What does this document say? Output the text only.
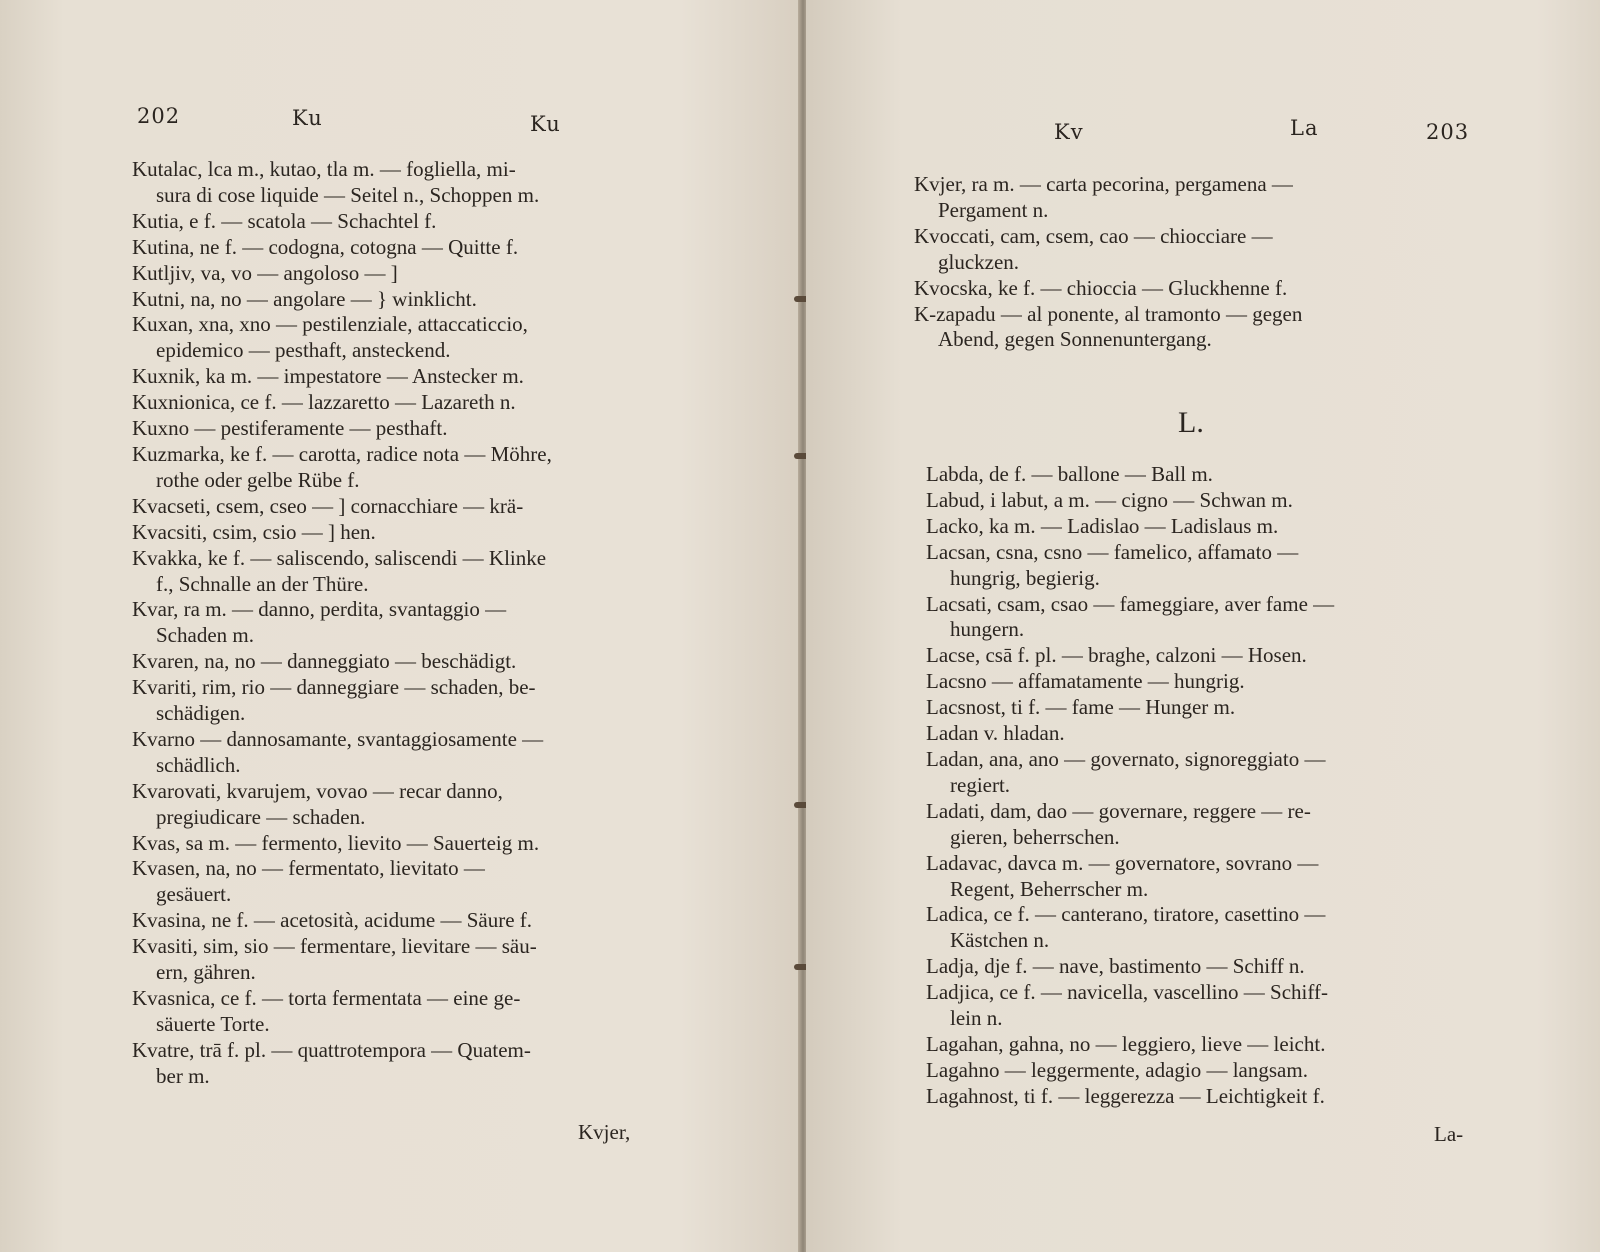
202	Ku	Ku
Kutalac, lca m., kutao, tla m. — fogliella, mi-
sura di cose liquide — Seitel n., Schoppen m.
Kutia, e f. — scatola — Schachtel f.
Kutina, ne f. — codogna, cotogna — Quitte f.
Kutljiv, va, vo — angoloso — ]
Kutni, na, no — angolare — } winklicht.
Kuxan, xna, xno — pestilenziale, attaccaticcio,
epidemico — pesthaft, ansteckend.
Kuxnik, ka m. — impestatore — Anstecker m.
Kuxnionica, ce f. — lazzaretto — Lazareth n.
Kuxno — pestiferamente — pesthaft.
Kuzmarka, ke f. — carotta, radice nota — Möhre,
rothe oder gelbe Rübe f.
Kvacseti, csem, cseo — ] cornacchiare — krä-
Kvacsiti, csim, csio — ] hen.
Kvakka, ke f. — saliscendo, saliscendi — Klinke
f., Schnalle an der Thüre.
Kvar, ra m. — danno, perdita, svantaggio —
Schaden m.
Kvaren, na, no — danneggiato — beschädigt.
Kvariti, rim, rio — danneggiare — schaden, be-
schädigen.
Kvarno — dannosamante, svantaggiosamente —
schädlich.
Kvarovati, kvarujem, vovao — recar danno,
pregiudicare — schaden.
Kvas, sa m. — fermento, lievito — Sauerteig m.
Kvasen, na, no — fermentato, lievitato —
gesäuert.
Kvasina, ne f. — acetosità, acidume — Säure f.
Kvasiti, sim, sio — fermentare, lievitare — säu-
ern, gähren.
Kvasnica, ce f. — torta fermentata — eine ge-
säuerte Torte.
Kvatre, trā f. pl. — quattrotempora — Quatem-
ber m.
Kvjer,
Kv	La	203
Kvjer, ra m. — carta pecorina, pergamena —
Pergament n.
Kvoccati, cam, csem, cao — chiocciare —
gluckzen.
Kvocska, ke f. — chioccia — Gluckhenne f.
K-zapadu — al ponente, al tramonto — gegen
Abend, gegen Sonnenuntergang.
L.
Labda, de f. — ballone — Ball m.
Labud, i labut, a m. — cigno — Schwan m.
Lacko, ka m. — Ladislao — Ladislaus m.
Lacsan, csna, csno — famelico, affamato —
hungrig, begierig.
Lacsati, csam, csao — fameggiare, aver fame —
hungern.
Lacse, csā f. pl. — braghe, calzoni — Hosen.
Lacsno — affamatamente — hungrig.
Lacsnost, ti f. — fame — Hunger m.
Ladan v. hladan.
Ladan, ana, ano — governato, signoreggiato —
regiert.
Ladati, dam, dao — governare, reggere — re-
gieren, beherrschen.
Ladavac, davca m. — governatore, sovrano —
Regent, Beherrscher m.
Ladica, ce f. — canterano, tiratore, casettino —
Kästchen n.
Ladja, dje f. — nave, bastimento — Schiff n.
Ladjica, ce f. — navicella, vascellino — Schiff-
lein n.
Lagahan, gahna, no — leggiero, lieve — leicht.
Lagahno — leggermente, adagio — langsam.
Lagahnost, ti f. — leggerezza — Leichtigkeit f.
La-
